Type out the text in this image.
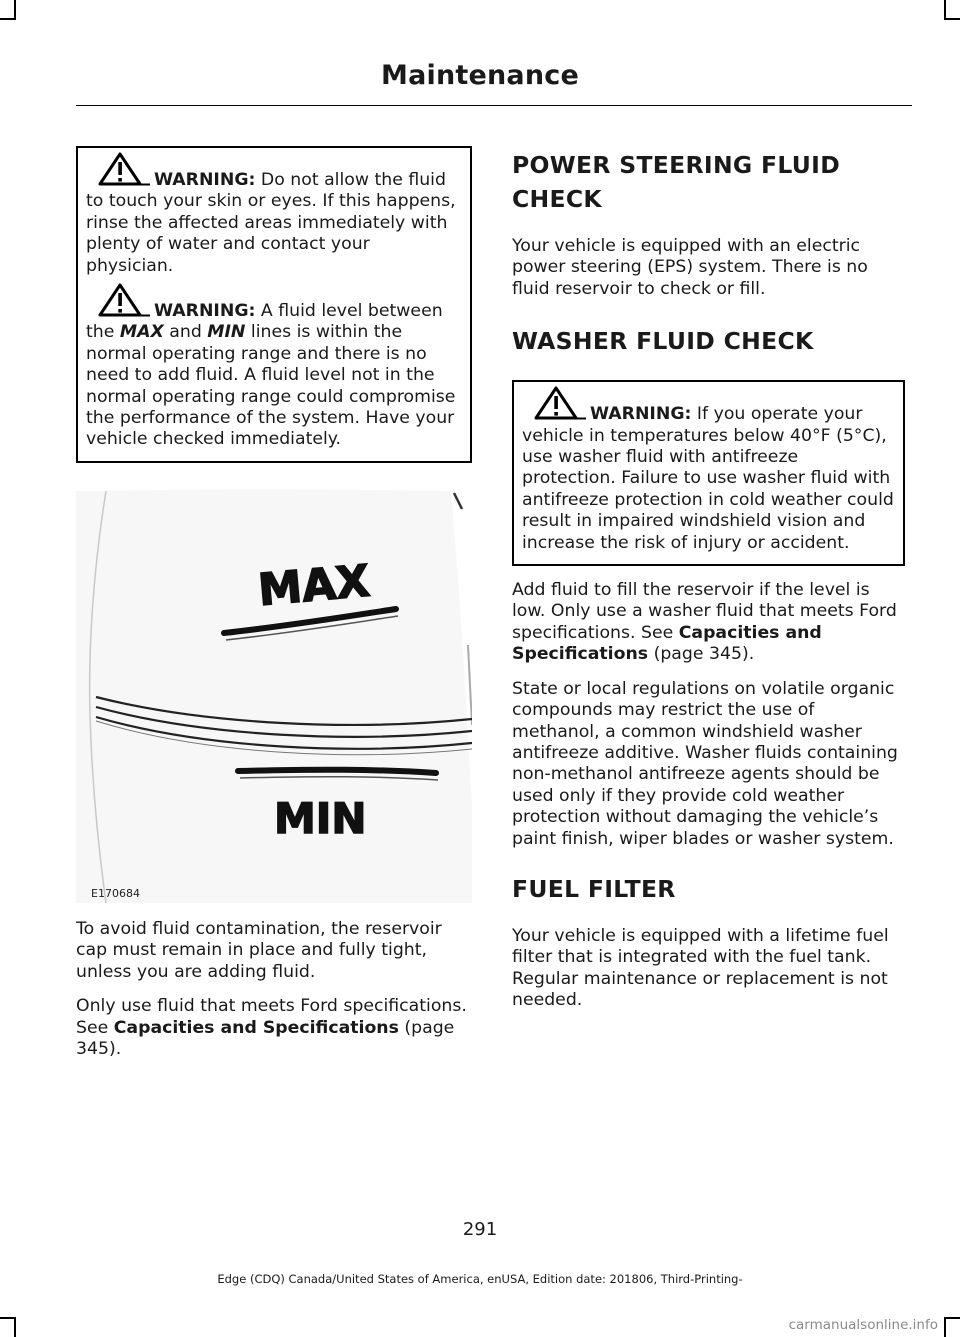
Maintenance
WARNING: Do not allow the fluid to touch your skin or eyes. If this happens, rinse the affected areas immediately with plenty of water and contact your physician.
WARNING: A fluid level between the MAX and MIN lines is within the normal operating range and there is no need to add fluid. A fluid level not in the normal operating range could compromise the performance of the system. Have your vehicle checked immediately.
MAX
MIN
E170684

To avoid fluid contamination, the reservoir cap must remain in place and fully tight, unless you are adding fluid.

Only use fluid that meets Ford specifications. See Capacities and Specifications (page 345).

POWER STEERING FLUID
CHECK

Your vehicle is equipped with an electric power steering (EPS) system. There is no fluid reservoir to check or fill.

WASHER FLUID CHECK
WARNING: If you operate your vehicle in temperatures below 40°F (5°C), use washer fluid with antifreeze protection. Failure to use washer fluid with antifreeze protection in cold weather could result in impaired windshield vision and increase the risk of injury or accident.

Add fluid to fill the reservoir if the level is low. Only use a washer fluid that meets Ford specifications. See Capacities and Specifications (page 345).

State or local regulations on volatile organic compounds may restrict the use of methanol, a common windshield washer antifreeze additive. Washer fluids containing non-methanol antifreeze agents should be used only if they provide cold weather protection without damaging the vehicle’s paint finish, wiper blades or washer system.

FUEL FILTER

Your vehicle is equipped with a lifetime fuel filter that is integrated with the fuel tank. Regular maintenance or replacement is not needed.

291
Edge (CDQ) Canada/United States of America, enUSA, Edition date: 201806, Third-Printing-
carmanualsonline.info
